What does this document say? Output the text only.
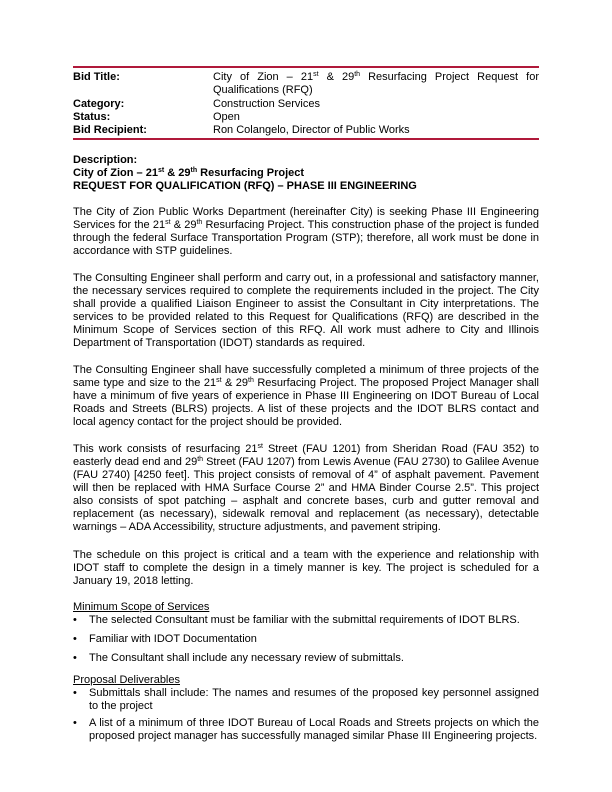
Bid Title:	City of Zion – 21st & 29th Resurfacing Project Request for
Qualifications (RFQ)
Category:	Construction Services
Status:	Open
Bid Recipient:	Ron Colangelo, Director of Public Works
Description:
City of Zion – 21st & 29th Resurfacing Project
REQUEST FOR QUALIFICATION (RFQ) – PHASE III ENGINEERING
The City of Zion Public Works Department (hereinafter City) is seeking Phase III Engineering Services for the 21st & 29th Resurfacing Project. This construction phase of the project is funded through the federal Surface Transportation Program (STP); therefore, all work must be done in accordance with STP guidelines.
The Consulting Engineer shall perform and carry out, in a professional and satisfactory manner, the necessary services required to complete the requirements included in the project. The City shall provide a qualified Liaison Engineer to assist the Consultant in City interpretations. The services to be provided related to this Request for Qualifications (RFQ) are described in the Minimum Scope of Services section of this RFQ. All work must adhere to City and Illinois Department of Transportation (IDOT) standards as required.
The Consulting Engineer shall have successfully completed a minimum of three projects of the same type and size to the 21st & 29th Resurfacing Project. The proposed Project Manager shall have a minimum of five years of experience in Phase III Engineering on IDOT Bureau of Local Roads and Streets (BLRS) projects. A list of these projects and the IDOT BLRS contact and local agency contact for the project should be provided.
This work consists of resurfacing 21st Street (FAU 1201) from Sheridan Road (FAU 352) to easterly dead end and 29th Street (FAU 1207) from Lewis Avenue (FAU 2730) to Galilee Avenue (FAU 2740) [4250 feet]. This project consists of removal of 4” of asphalt pavement. Pavement will then be replaced with HMA Surface Course 2” and HMA Binder Course 2.5”. This project also consists of spot patching – asphalt and concrete bases, curb and gutter removal and replacement (as necessary), sidewalk removal and replacement (as necessary), detectable warnings – ADA Accessibility, structure adjustments, and pavement striping.
The schedule on this project is critical and a team with the experience and relationship with IDOT staff to complete the design in a timely manner is key. The project is scheduled for a January 19, 2018 letting.
Minimum Scope of Services
• The selected Consultant must be familiar with the submittal requirements of IDOT BLRS.
• Familiar with IDOT Documentation
• The Consultant shall include any necessary review of submittals.
Proposal Deliverables
• Submittals shall include: The names and resumes of the proposed key personnel assigned to the project
• A list of a minimum of three IDOT Bureau of Local Roads and Streets projects on which the proposed project manager has successfully managed similar Phase III Engineering projects.
